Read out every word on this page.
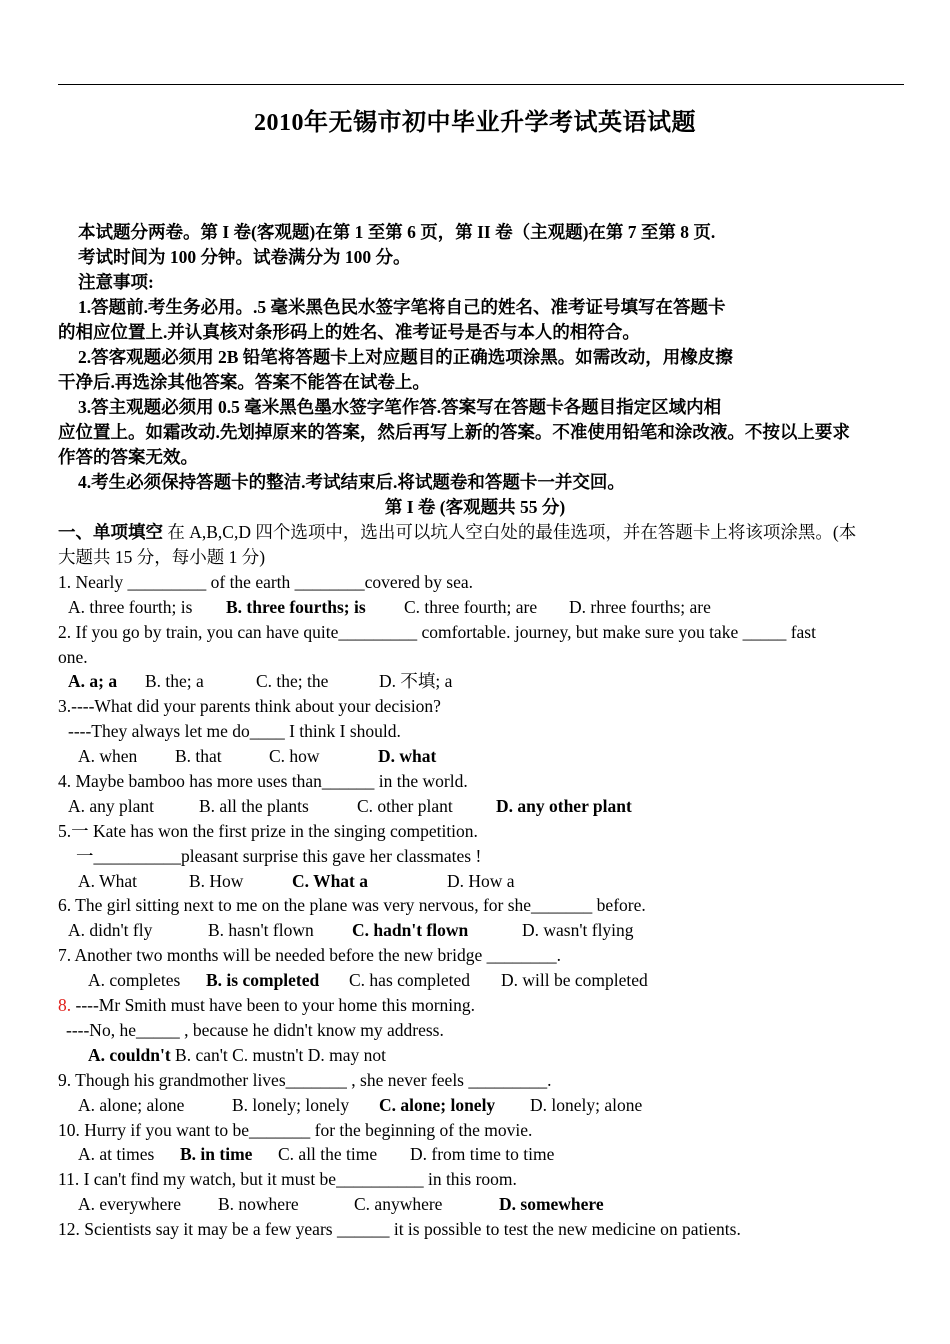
2010年无锡市初中毕业升学考试英语试题
本试题分两卷。第 I 卷(客观题)在第 1 至第 6 页，第 II 卷（主观题)在第 7 至第 8 页.
考试时间为 100 分钟。试卷满分为 100 分。
注意事项:
1.答题前.考生务必用。.5 毫米黑色民水签字笔将自己的姓名、准考证号填写在答题卡
的相应位置上.并认真核对条形码上的姓名、准考证号是否与本人的相符合。
2.答客观题必须用 2B 铅笔将答题卡上对应题目的正确选项涂黑。如需改动，用橡皮擦
干净后.再选涂其他答案。答案不能答在试卷上。
3.答主观题必须用 0.5 毫米黑色墨水签字笔作答.答案写在答题卡各题目指定区域内相
应位置上。如霜改动.先划掉原来的答案，然后再写上新的答案。不准使用铅笔和涂改液。不按以上要求
作答的答案无效。
4.考生必须保持答题卡的整洁.考试结束后.将试题卷和答题卡一并交回。
第 I 卷 (客观题共 55 分)
一、单项填空 在 A,B,C,D 四个选项中，选出可以坑人空白处的最佳选项，并在答题卡上将该项涂黑。(本
大题共 15 分，每小题 1 分)
1. Nearly _________ of the earth ________covered by sea.
A. three fourth; is B. three fourths; is C. three fourth; are D. rhree fourths; are
2. If you go by train, you can have quite_________ comfortable. journey, but make sure you take _____ fast
one.
A. a; a B. the; a	C. the; the	D. 不填; a
3.----What did your parents think about your decision?
----They always let me do____ I think I should.
A. when B. that	C. how	D. what
4. Maybe bamboo has more uses than______ in the world.
A. any plant	B. all the plants	C. other plant D. any other plant
5.一 Kate has won the first prize in the singing competition.
一__________pleasant surprise this gave her classmates !
A. What	B. How	C. What a	D. How a
6. The girl sitting next to me on the plane was very nervous, for she_______ before.
A. didn't fly	B. hasn't flown C. hadn't flown	D. wasn't flying
7. Another two months will be needed before the new bridge ________.
A. completes B. is completed C. has completed D. will be completed
8. ----Mr Smith must have been to your home this morning.
----No, he_____ , because he didn't know my address.
A. couldn't B. can't C. mustn't D. may not
9. Though his grandmother lives_______ , she never feels _________.
A. alone; alone	B. lonely; lonely C. alone; lonely D. lonely; alone
10. Hurry if you want to be_______ for the beginning of the movie.
A. at times B. in time C. all the time D. from time to time
11. I can't find my watch, but it must be__________ in this room.
A. everywhere B. nowhere	C. anywhere	D. somewhere
12. Scientists say it may be a few years ______ it is possible to test the new medicine on patients.
